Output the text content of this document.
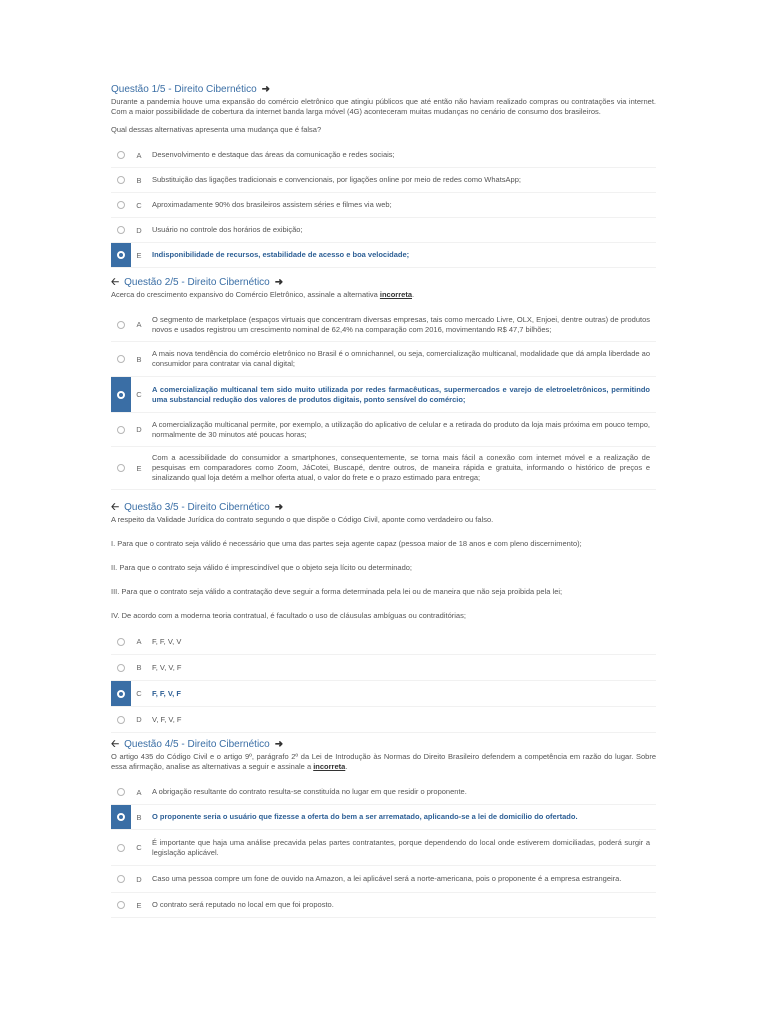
Questão 1/5 - Direito Cibernético ➜
Durante a pandemia houve uma expansão do comércio eletrônico que atingiu públicos que até então não haviam realizado compras ou contratações via internet. Com a maior possibilidade de cobertura da internet banda larga móvel (4G) aconteceram muitas mudanças no cenário de consumo dos brasileiros.
Qual dessas alternativas apresenta uma mudança que é falsa?
A	Desenvolvimento e destaque das áreas da comunicação e redes sociais;
B	Substituição das ligações tradicionais e convencionais, por ligações online por meio de redes como WhatsApp;
C	Aproximadamente 90% dos brasileiros assistem séries e filmes via web;
D	Usuário no controle dos horários de exibição;
E	Indisponibilidade de recursos, estabilidade de acesso e boa velocidade;
🡠 Questão 2/5 - Direito Cibernético ➜
Acerca do crescimento expansivo do Comércio Eletrônico, assinale a alternativa incorreta.
A
O segmento de marketplace (espaços virtuais que concentram diversas empresas, tais como mercado Livre, OLX, Enjoei, dentre outras) de produtos novos e usados registrou um crescimento nominal de 62,4% na comparação com 2016, movimentando R$ 47,7 bilhões;
B
A mais nova tendência do comércio eletrônico no Brasil é o omnichannel, ou seja, comercialização multicanal, modalidade que dá ampla liberdade ao consumidor para contratar via canal digital;
C
A comercialização multicanal tem sido muito utilizada por redes farmacêuticas, supermercados e varejo de eletroeletrônicos, permitindo uma substancial redução dos valores de produtos digitais, ponto sensível do comércio;
D
A comercialização multicanal permite, por exemplo, a utilização do aplicativo de celular e a retirada do produto da loja mais próxima em pouco tempo, normalmente de 30 minutos até poucas horas;
E
Com a acessibilidade do consumidor a smartphones, consequentemente, se torna mais fácil a conexão com internet móvel e a realização de pesquisas em comparadores como Zoom, JáCotei, Buscapé, dentre outros, de maneira rápida e gratuita, informando o histórico de preços e sinalizando qual loja detém a melhor oferta atual, o valor do frete e o prazo estimado para entrega;
🡠 Questão 3/5 - Direito Cibernético ➜
A respeito da Validade Jurídica do contrato segundo o que dispõe o Código Civil, aponte como verdadeiro ou falso.
I. Para que o contrato seja válido é necessário que uma das partes seja agente capaz (pessoa maior de 18 anos e com pleno discernimento);
II. Para que o contrato seja válido é imprescindível que o objeto seja lícito ou determinado;
III. Para que o contrato seja válido a contratação deve seguir a forma determinada pela lei ou de maneira que não seja proibida pela lei;
IV. De acordo com a moderna teoria contratual, é facultado o uso de cláusulas ambíguas ou contraditórias;
A	F, F, V, V
B	F, V, V, F
C	F, F, V, F
D	V, F, V, F
🡠 Questão 4/5 - Direito Cibernético ➜
O artigo 435 do Código Civil e o artigo 9º, parágrafo 2º da Lei de Introdução às Normas do Direito Brasileiro defendem a competência em razão do lugar. Sobre essa afirmação, analise as alternativas a seguir e assinale a incorreta.
A	A obrigação resultante do contrato resulta-se constituída no lugar em que residir o proponente.
B	O proponente seria o usuário que fizesse a oferta do bem a ser arrematado, aplicando-se a lei de domicílio do ofertado.
C
É importante que haja uma análise precavida pelas partes contratantes, porque dependendo do local onde estiverem domiciliadas, poderá surgir a legislação aplicável.
D	Caso uma pessoa compre um fone de ouvido na Amazon, a lei aplicável será a norte-americana, pois o proponente é a empresa estrangeira.
E	O contrato será reputado no local em que foi proposto.
